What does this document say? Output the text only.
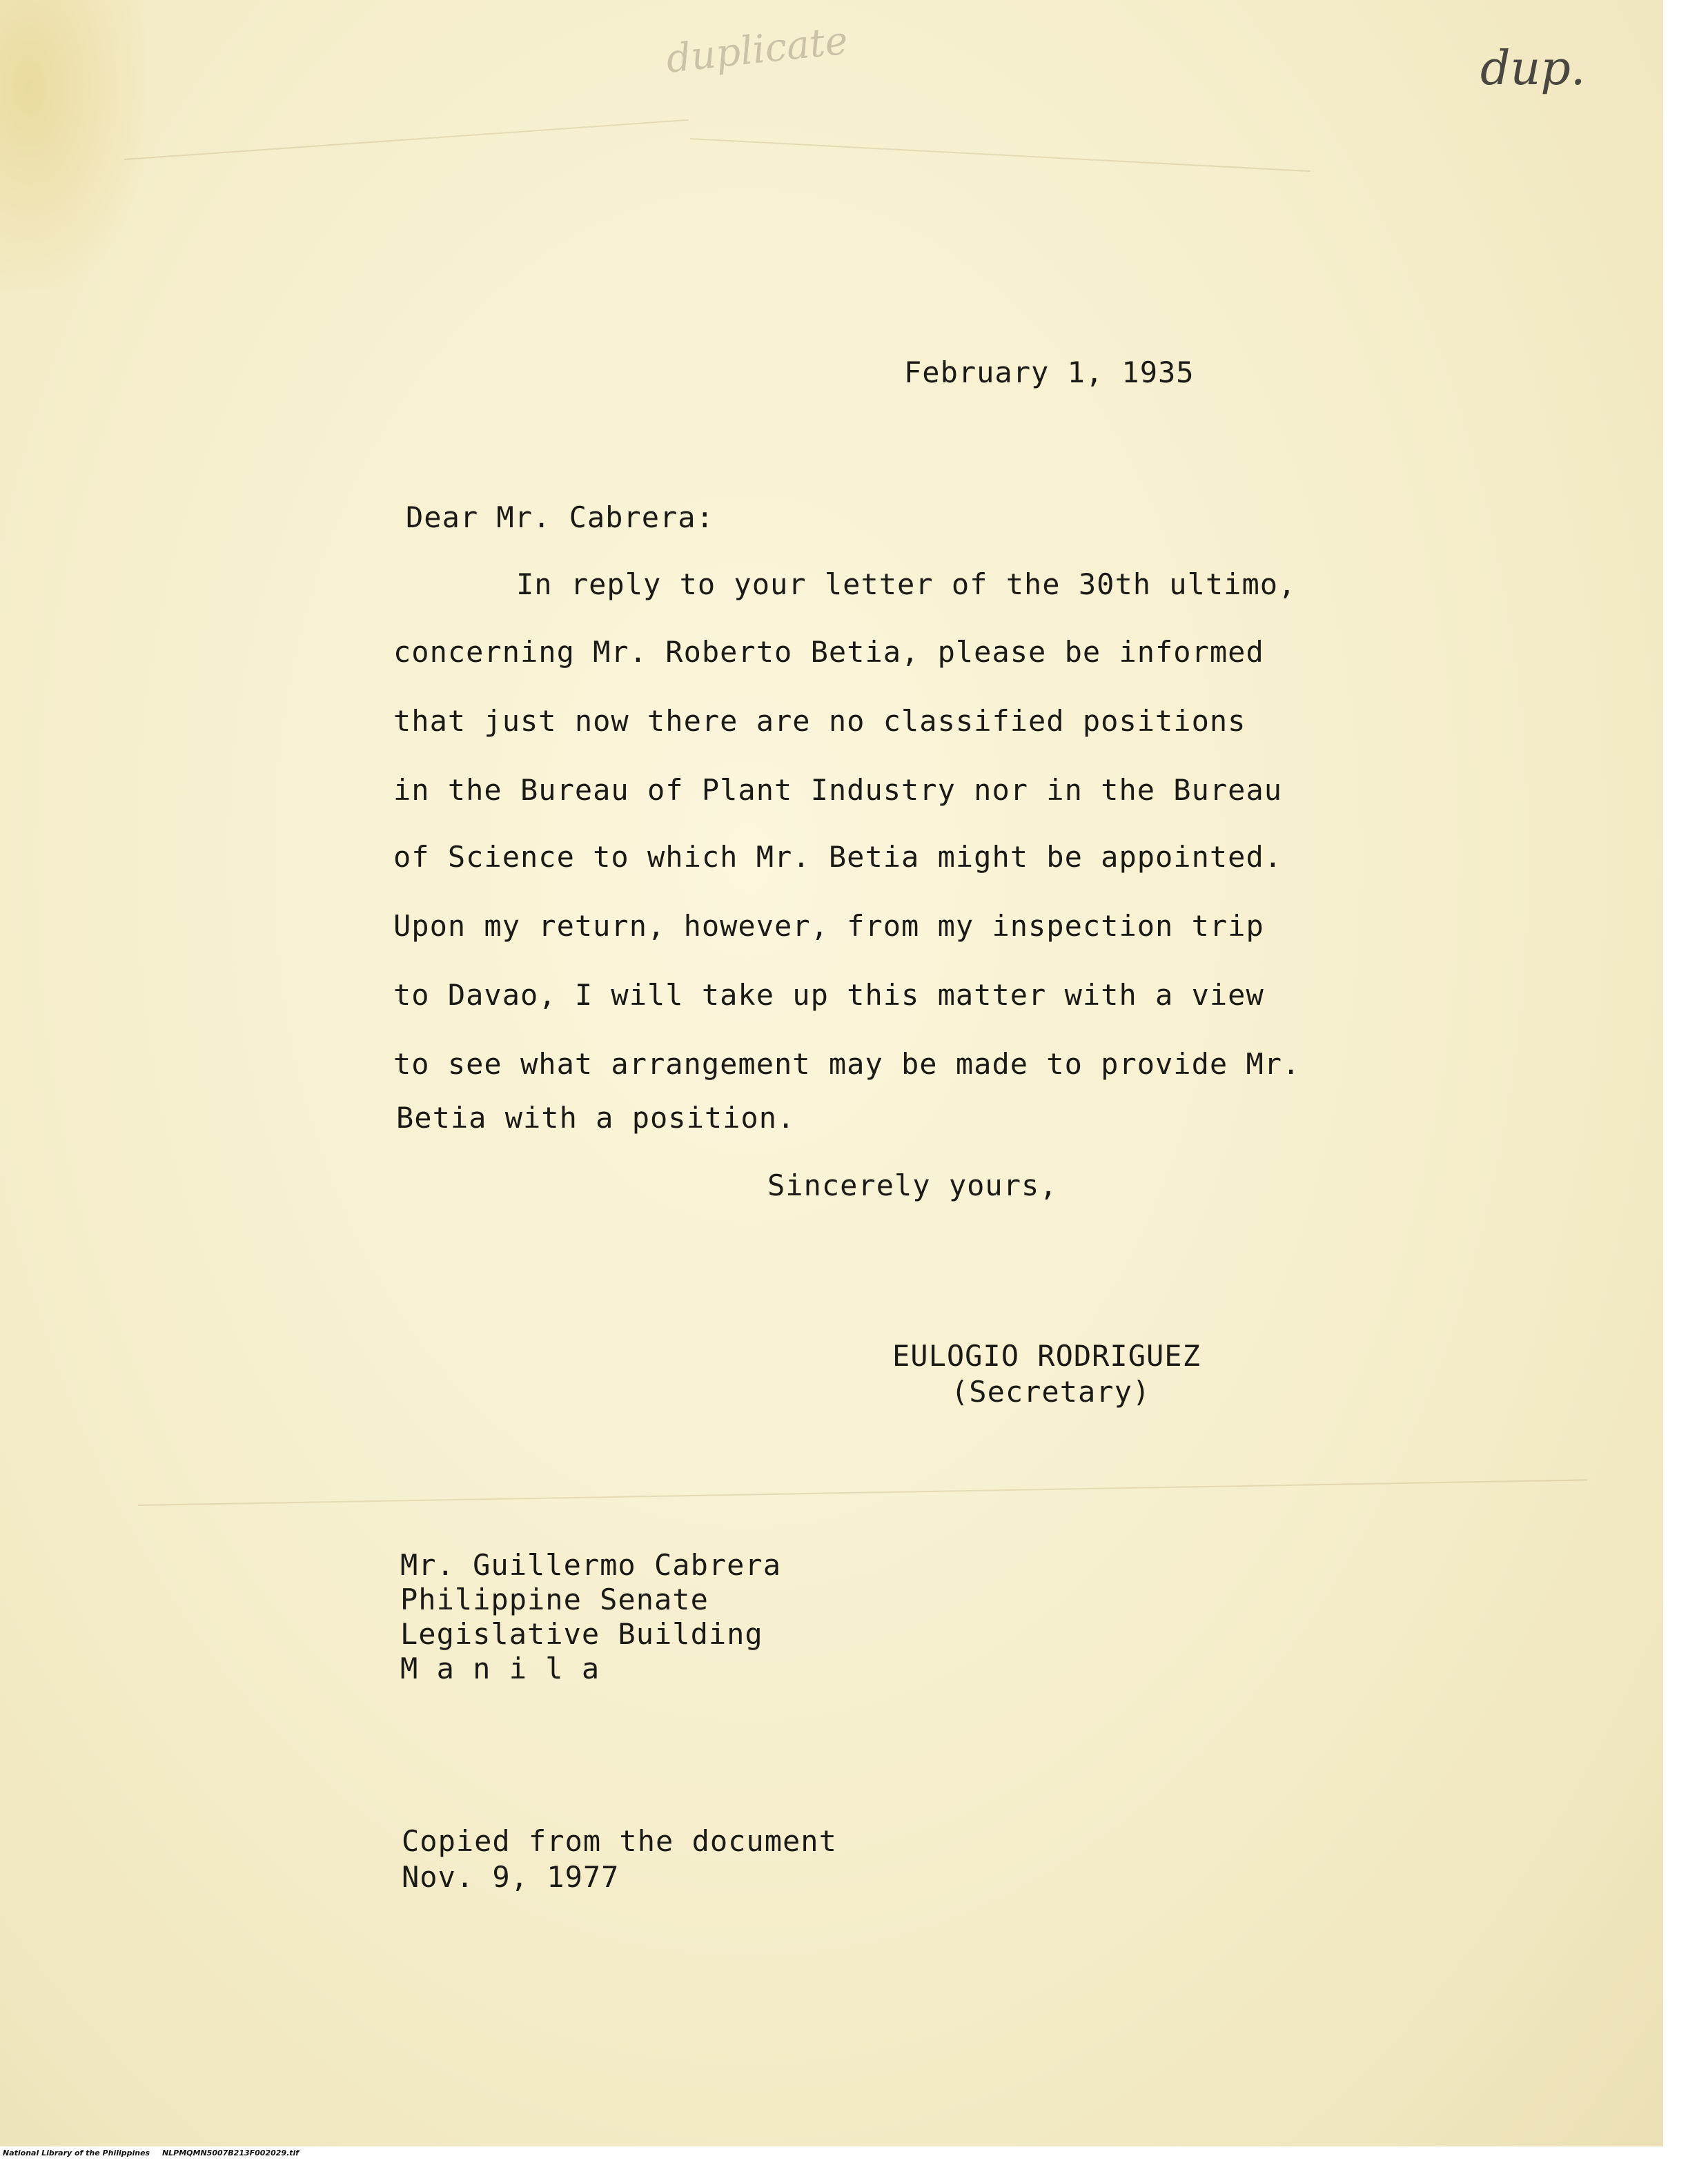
dup.
duplicate
February 1, 1935
Dear Mr. Cabrera:
In reply to your letter of the 30th ultimo,
concerning Mr. Roberto Betia, please be informed
that just now there are no classified positions
in the Bureau of Plant Industry nor in the Bureau
of Science to which Mr. Betia might be appointed.
Upon my return, however, from my inspection trip
to Davao, I will take up this matter with a view
to see what arrangement may be made to provide Mr.
Betia with a position.
Sincerely yours,
EULOGIO RODRIGUEZ
(Secretary)
Mr. Guillermo Cabrera
Philippine Senate
Legislative Building
M a n i l a
Copied from the document
Nov. 9, 1977
National Library of the Philippines NLPMQMN5007B213F002029.tif
